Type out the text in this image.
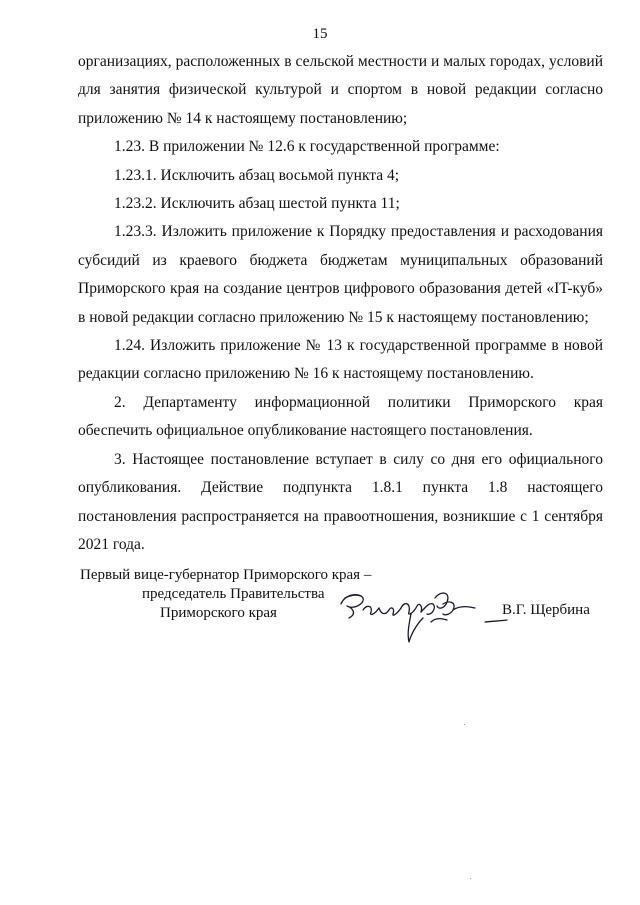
15

организациях, расположенных в сельской местности и малых городах, условий для занятия физической культурой и спортом в новой редакции согласно приложению № 14 к настоящему постановлению;

1.23. В приложении № 12.6 к государственной программе:

1.23.1. Исключить абзац восьмой пункта 4;

1.23.2. Исключить абзац шестой пункта 11;

1.23.3. Изложить приложение к Порядку предоставления и расходования субсидий из краевого бюджета бюджетам муниципальных образований Приморского края на создание центров цифрового образования детей «IT-куб» в новой редакции согласно приложению № 15 к настоящему постановлению;

1.24. Изложить приложение № 13 к государственной программе в новой редакции согласно приложению № 16 к настоящему постановлению.

2. Департаменту информационной политики Приморского края обеспечить официальное опубликование настоящего постановления.

3. Настоящее постановление вступает в силу со дня его официального опубликования. Действие подпункта 1.8.1 пункта 1.8 настоящего постановления распространяется на правоотношения, возникшие с 1 сентября 2021 года.

Первый вице-губернатор Приморского края –
председатель Правительства
Приморского края	В.Г. Щербина
